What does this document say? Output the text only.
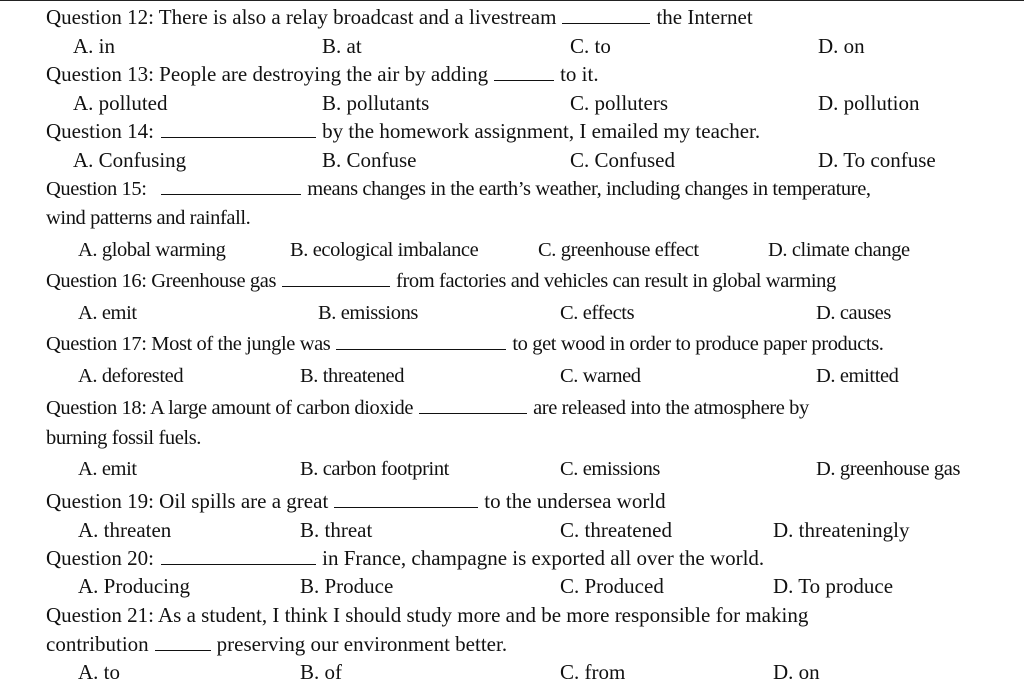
Question 12: There is also a relay broadcast and a livestream	the Internet
A. in	B. at	C. to	D. on
Question 13: People are destroying the air by adding	to it.
A. polluted	B. pollutants	C. polluters	D. pollution
Question 14:	by the homework assignment, I emailed my teacher.
A. Confusing	B. Confuse	C. Confused	D. To confuse
Question 15:	means changes in the earth’s weather, including changes in temperature,
wind patterns and rainfall.
A. global warming	B. ecological imbalance	C. greenhouse effect	D. climate change
Question 16: Greenhouse gas	from factories and vehicles can result in global warming
A. emit	B. emissions	C. effects	D. causes
Question 17: Most of the jungle was	to get wood in order to produce paper products.
A. deforested	B. threatened	C. warned	D. emitted
Question 18: A large amount of carbon dioxide	are released into the atmosphere by
burning fossil fuels.
A. emit	B. carbon footprint	C. emissions	D. greenhouse gas
Question 19: Oil spills are a great	to the undersea world
A. threaten	B. threat	C. threatened	D. threateningly
Question 20:	in France, champagne is exported all over the world.
A. Producing	B. Produce	C. Produced	D. To produce
Question 21: As a student, I think I should study more and be more responsible for making
contribution	preserving our environment better.
A. to	B. of	C. from	D. on
